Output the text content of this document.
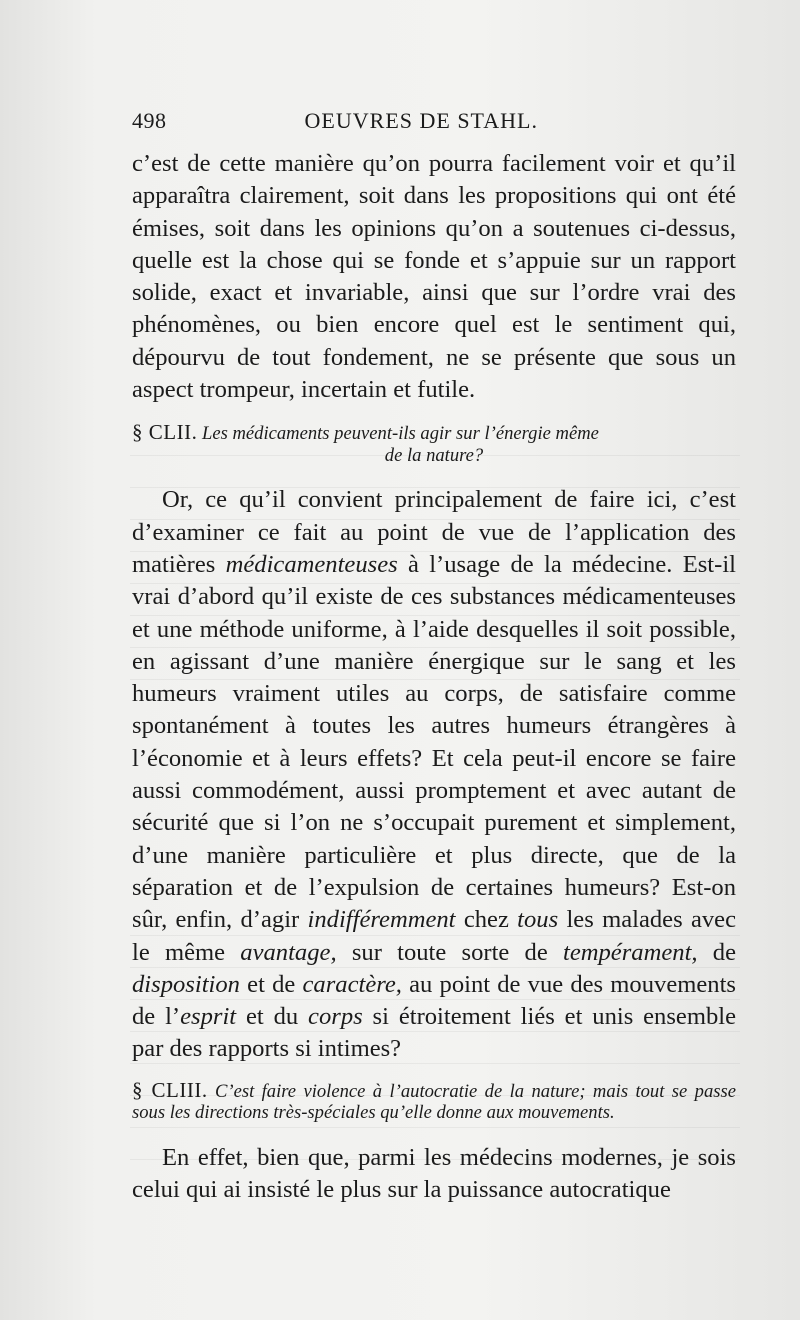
498	OEUVRES DE STAHL.

c’est de cette manière qu’on pourra facilement voir et qu’il apparaîtra clairement, soit dans les propositions qui ont été émises, soit dans les opinions qu’on a soutenues ci-dessus, quelle est la chose qui se fonde et s’appuie sur un rapport solide, exact et invariable, ainsi que sur l’ordre vrai des phénomènes, ou bien encore quel est le sentiment qui, dépourvu de tout fondement, ne se présente que sous un aspect trompeur, incertain et futile.

§ CLII. Les médicaments peuvent-ils agir sur l’énergie même
de la nature?

Or, ce qu’il convient principalement de faire ici, c’est d’examiner ce fait au point de vue de l’application des matières médicamenteuses à l’usage de la médecine. Est-il vrai d’abord qu’il existe de ces substances médicamenteuses et une méthode uniforme, à l’aide desquelles il soit possible, en agissant d’une manière énergique sur le sang et les humeurs vraiment utiles au corps, de satisfaire comme spontanément à toutes les autres humeurs étrangères à l’économie et à leurs effets? Et cela peut-il encore se faire aussi commodément, aussi promptement et avec autant de sécurité que si l’on ne s’occupait purement et simplement, d’une manière particulière et plus directe, que de la séparation et de l’expulsion de certaines humeurs? Est-on sûr, enfin, d’agir indifféremment chez tous les malades avec le même avantage, sur toute sorte de tempérament, de disposition et de caractère, au point de vue des mouvements de l’esprit et du corps si étroitement liés et unis ensemble par des rapports si intimes?

§ CLIII. C’est faire violence à l’autocratie de la nature; mais tout se passe sous les directions très-spéciales qu’elle donne aux mouvements.

En effet, bien que, parmi les médecins modernes, je sois celui qui ai insisté le plus sur la puissance autocratique
